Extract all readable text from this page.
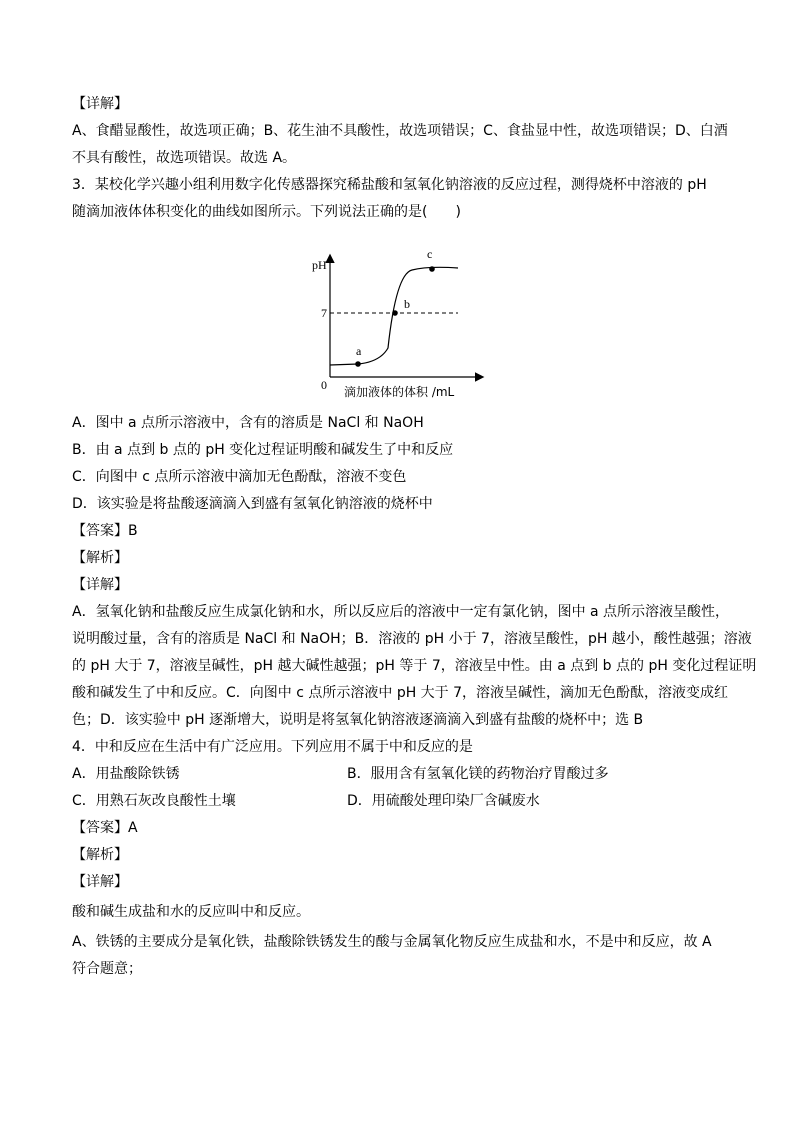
【详解】
A、食醋显酸性，故选项正确；B、花生油不具酸性，故选项错误；C、食盐显中性，故选项错误；D、白酒
不具有酸性，故选项错误。故选 A。
3．某校化学兴趣小组利用数字化传感器探究稀盐酸和氢氧化钠溶液的反应过程，测得烧杯中溶液的 pH
随滴加液体体积变化的曲线如图所示。下列说法正确的是(　　)
pH
7
0
a
b
c
滴加液体的体积 /mL
A．图中 a 点所示溶液中，含有的溶质是 NaCl 和 NaOH
B．由 a 点到 b 点的 pH 变化过程证明酸和碱发生了中和反应
C．向图中 c 点所示溶液中滴加无色酚酞，溶液不变色
D．该实验是将盐酸逐滴滴入到盛有氢氧化钠溶液的烧杯中
【答案】B
【解析】
【详解】
A．氢氧化钠和盐酸反应生成氯化钠和水，所以反应后的溶液中一定有氯化钠，图中 a 点所示溶液呈酸性，
说明酸过量，含有的溶质是 NaCl 和 NaOH；B．溶液的 pH 小于 7，溶液呈酸性，pH 越小，酸性越强；溶液
的 pH 大于 7，溶液呈碱性，pH 越大碱性越强；pH 等于 7，溶液呈中性。由 a 点到 b 点的 pH 变化过程证明
酸和碱发生了中和反应。C．向图中 c 点所示溶液中 pH 大于 7，溶液呈碱性，滴加无色酚酞，溶液变成红
色；D．该实验中 pH 逐渐增大，说明是将氢氧化钠溶液逐滴滴入到盛有盐酸的烧杯中；选 B
4．中和反应在生活中有广泛应用。下列应用不属于中和反应的是
A．用盐酸除铁锈	B．服用含有氢氧化镁的药物治疗胃酸过多
C．用熟石灰改良酸性土壤	D．用硫酸处理印染厂含碱废水
【答案】A
【解析】
【详解】
酸和碱生成盐和水的反应叫中和反应。
A、铁锈的主要成分是氧化铁，盐酸除铁锈发生的酸与金属氧化物反应生成盐和水，不是中和反应，故 A
符合题意；
